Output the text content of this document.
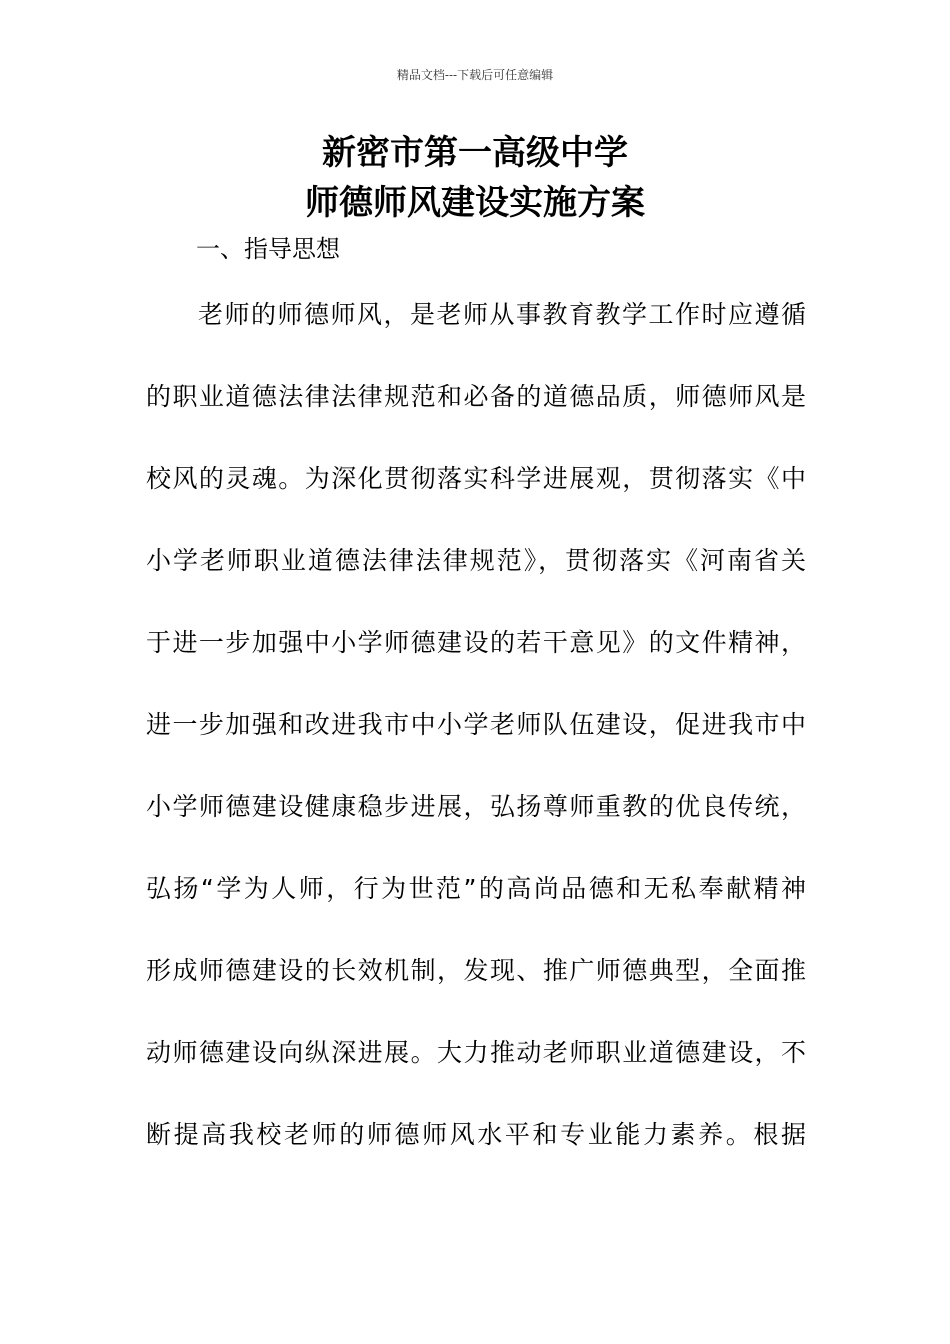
精品文档---下载后可任意编辑
新密市第一高级中学
师德师风建设实施方案
一、指导思想
老师的师德师风，是老师从事教育教学工作时应遵循
的职业道德法律法律规范和必备的道德品质，师德师风是
校风的灵魂。为深化贯彻落实科学进展观，贯彻落实《中
小学老师职业道德法律法律规范》，贯彻落实《河南省关
于进一步加强中小学师德建设的若干意见》的文件精神，
进一步加强和改进我市中小学老师队伍建设，促进我市中
小学师德建设健康稳步进展，弘扬尊师重教的优良传统，
弘扬“学为人师，行为世范”的高尚品德和无私奉献精神
形成师德建设的长效机制，发现、推广师德典型，全面推
动师德建设向纵深进展。大力推动老师职业道德建设，不
断提高我校老师的师德师风水平和专业能力素养。根据
